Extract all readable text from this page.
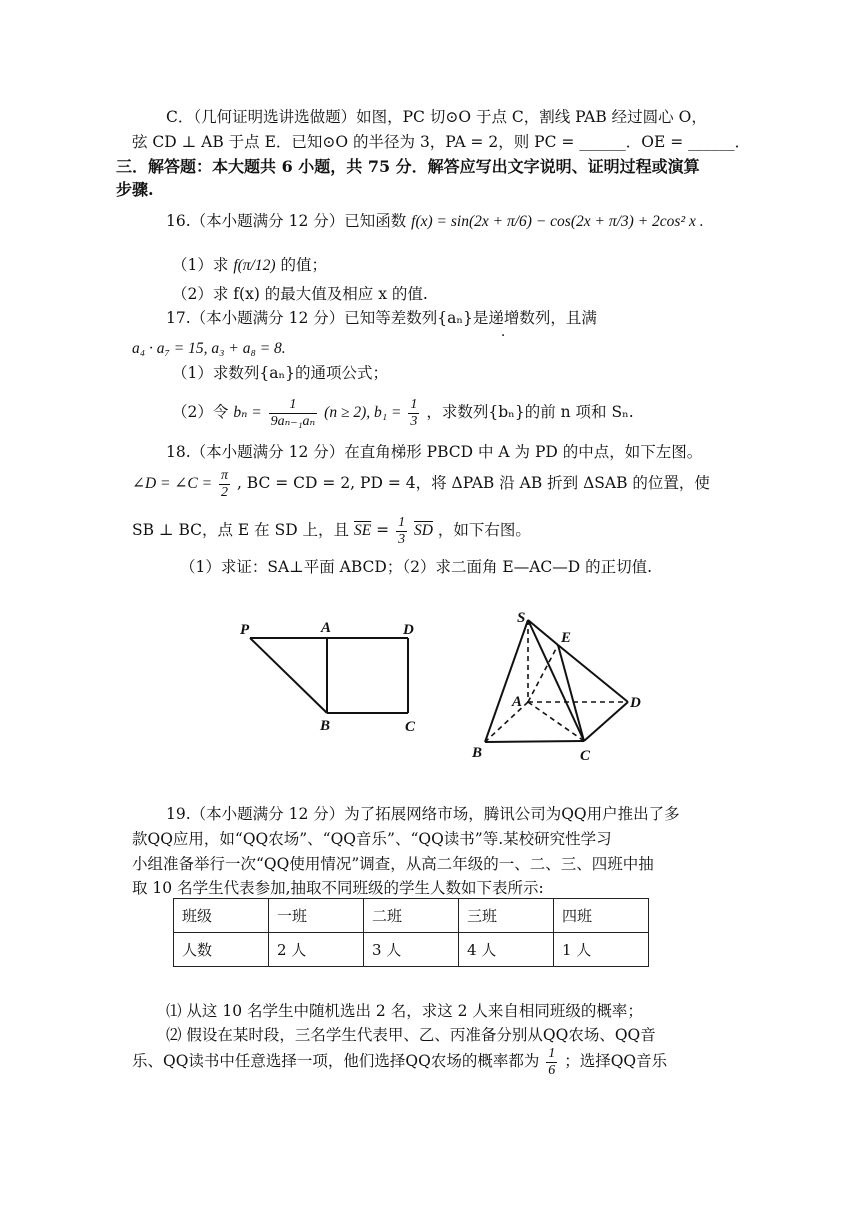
C．（几何证明选讲选做题）如图，PC 切⊙O 于点 C，割线 PAB 经过圆心 O，
弦 CD ⊥ AB 于点 E．已知⊙O 的半径为 3，PA = 2，则 PC = ______．OE = ______．
三．解答题：本大题共 6 小题，共 75 分．解答应写出文字说明、证明过程或演算
步骤.
16.（本小题满分 12 分）已知函数 f(x) = sin(2x + π/6) − cos(2x + π/3) + 2cos² x .
（1）求 f(π/12) 的值；
（2）求 f(x) 的最大值及相应 x 的值.
17.（本小题满分 12 分）已知等差数列{aₙ}是递增数列，且满
a₄ · a₇ = 15, a₃ + a₈ = 8.
（1）求数列{aₙ}的通项公式；
（2）令 $b_n = \frac{1}{\text{9aₙ₋₁aₙ}} (n \ge 2)$, $b_1 = \frac{1}{3}$ ，求数列{bₙ}的前 n 项和 Sₙ.
18.（本小题满分 12 分）在直角梯形 PBCD 中 A 为 PD 的中点，如下左图。
∠D = ∠C = $\frac{\pi}{2}$ , BC = CD = 2, PD = 4，将 ΔPAB 沿 AB 折到 ΔSAB 的位置，使
SB ⊥ BC，点 E 在 SD 上，且 $\overline{SE} = \frac{1}{3} \overline{SD}$ ，如下右图。
（1）求证：SA⊥平面 ABCD；（2）求二面角 E—AC—D 的正切值.
P	A	D
B	C
S
E
A	D
B	C
19.（本小题满分 12 分）为了拓展网络市场，腾讯公司为QQ用户推出了多
款QQ应用，如“QQ农场”、“QQ音乐”、“QQ读书”等.某校研究性学习
小组准备举行一次“QQ使用情况”调查，从高二年级的一、二、三、四班中抽
取 10 名学生代表参加,抽取不同班级的学生人数如下表所示:
班级	一班	二班	三班	四班
人数	2 人	3 人	4 人	1 人
⑴ 从这 10 名学生中随机选出 2 名，求这 2 人来自相同班级的概率；
⑵ 假设在某时段，三名学生代表甲、乙、丙准备分别从QQ农场、QQ音
乐、QQ读书中任意选择一项，他们选择QQ农场的概率都为 $\frac{1}{6}$ ；选择QQ音乐
